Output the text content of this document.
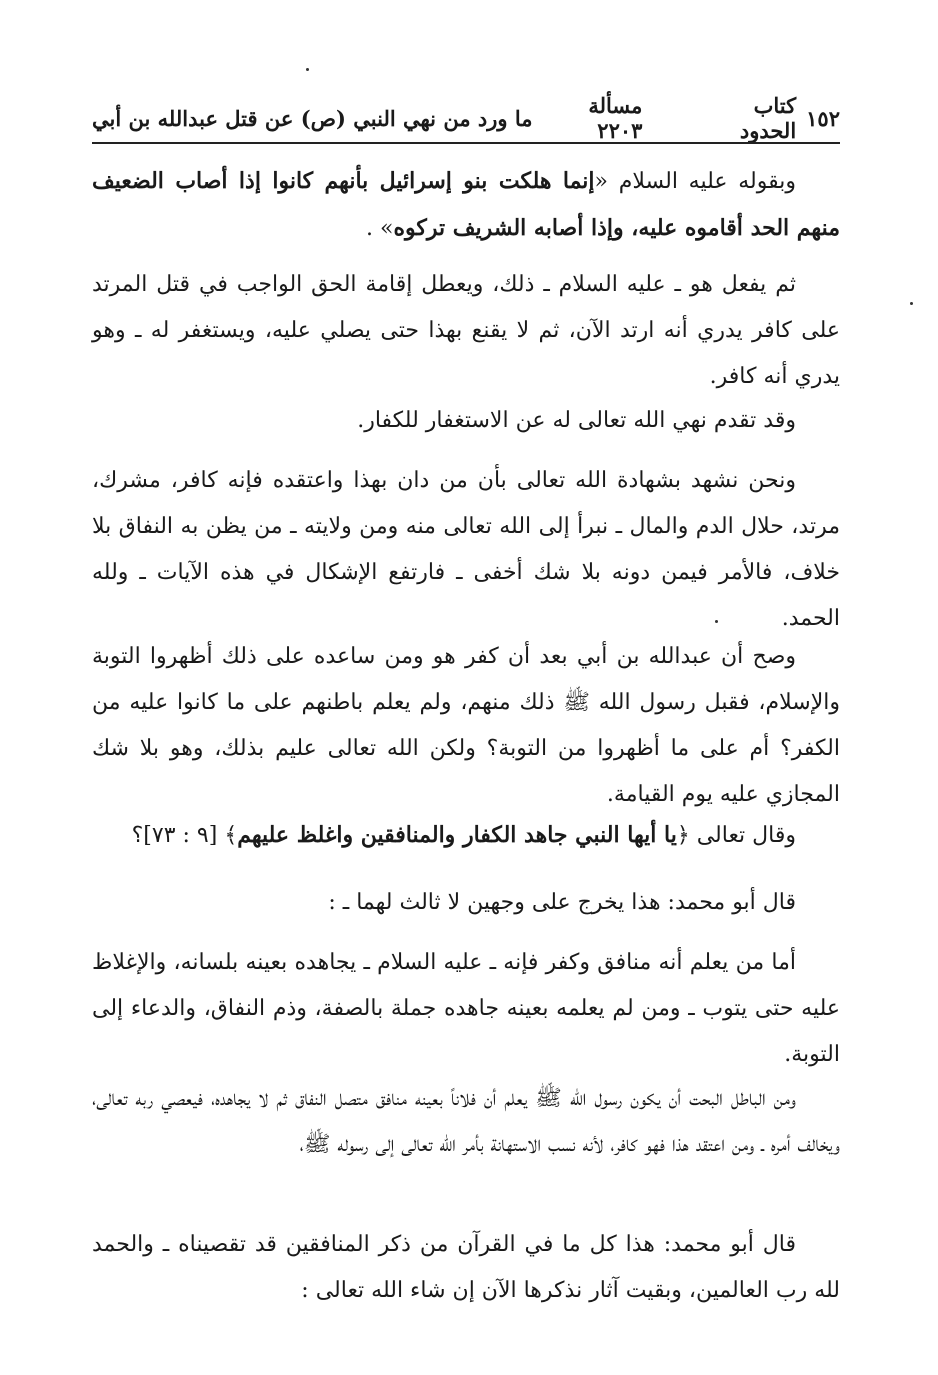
١٥٢
كتاب الحدود
مسألة ٢٢٠٣
ما ورد من نهي النبي (ص) عن قتل عبدالله بن أبي

وبقوله عليه السلام «إنما هلكت بنو إسرائيل بأنهم كانوا إذا أصاب الضعيف منهم الحد أقاموه عليه، وإذا أصابه الشريف تركوه» .

ثم يفعل هو ـ عليه السلام ـ ذلك، ويعطل إقامة الحق الواجب في قتل المرتد على كافر يدري أنه ارتد الآن، ثم لا يقنع بهذا حتى يصلي عليه، ويستغفر له ـ وهو يدري أنه كافر.

وقد تقدم نهي الله تعالى له عن الاستغفار للكفار.

ونحن نشهد بشهادة الله تعالى بأن من دان بهذا واعتقده فإنه كافر، مشرك، مرتد، حلال الدم والمال ـ نبرأ إلى الله تعالى منه ومن ولايته ـ من يظن به النفاق بلا خلاف، فالأمر فيمن دونه بلا شك أخفى ـ فارتفع الإشكال في هذه الآيات ـ ولله الحمد.

وصح أن عبدالله بن أبي بعد أن كفر هو ومن ساعده على ذلك أظهروا التوبة والإسلام، فقبل رسول الله ﷺ ذلك منهم، ولم يعلم باطنهم على ما كانوا عليه من الكفر؟ أم على ما أظهروا من التوبة؟ ولكن الله تعالى عليم بذلك، وهو بلا شك المجازي عليه يوم القيامة.

وقال تعالى ﴿يا أيها النبي جاهد الكفار والمنافقين واغلظ عليهم﴾ [٩ : ٧٣]؟

قال أبو محمد: هذا يخرج على وجهين لا ثالث لهما ـ :

أما من يعلم أنه منافق وكفر فإنه ـ عليه السلام ـ يجاهده بعينه بلسانه، والإغلاظ عليه حتى يتوب ـ ومن لم يعلمه بعينه جاهده جملة بالصفة، وذم النفاق، والدعاء إلى التوبة.

ومن الباطل البحت أن يكون رسول الله ﷺ يعلم أن فلاناً بعينه منافق متصل النفاق ثم لا يجاهده، فيعصي ربه تعالى، ويخالف أمره ـ ومن اعتقد هذا فهو كافر، لأنه نسب الاستهانة بأمر الله تعالى إلى رسوله ﷺ،

قال أبو محمد: هذا كل ما في القرآن من ذكر المنافقين قد تقصيناه ـ والحمد لله رب العالمين، وبقيت آثار نذكرها الآن إن شاء الله تعالى :
